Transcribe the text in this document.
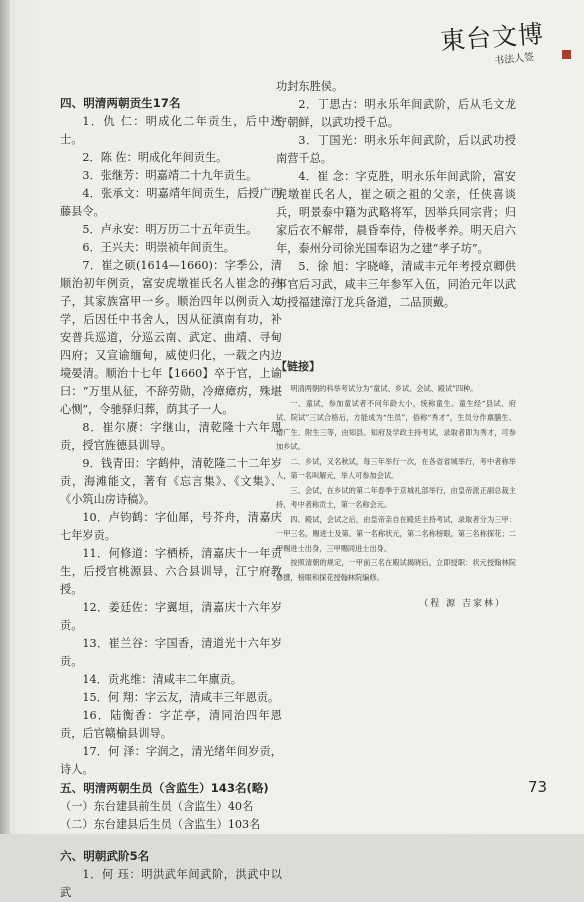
東台文博
书法人签

四、明清两朝贡生17名

1．仇 仁：明成化二年贡生，后中进士。

2．陈 佐：明成化年间贡生。

3．张继芳：明嘉靖二十九年贡生。

4．张承文：明嘉靖年间贡生，后授广西藤县令。

5．卢永安：明万历二十五年贡生。

6．王兴夫：明崇祯年间贡生。

7．崔之硕(1614—1660)：字季公，清顺治初年例贡，富安虎墩崔氏名人崔念的孙子，其家族富甲一乡。顺治四年以例贡入太学，后因任中书舍人，因从征滇南有功，补安普兵巡道，分巡云南、武定、曲靖、寻甸四府；又宣谕缅甸，威使归化，一载之内边境晏清。顺治十七年【1660】卒于官，上谕曰：“万里从征，不辞劳勋，冷瘴瘴疠，殊堪心恻”，令驰驿归葬，荫其子一人。

8．崔尔赓：字继山，清乾隆十六年恩贡，授官旌德县训导。

9．钱青田：字鹤仲，清乾隆二十二年岁贡，海滩能文，著有《忘言集》、《文集》、《小筑山房诗稿》。

10．卢钧鹤：字仙犀，号芥舟，清嘉庆七年岁贡。

11．何修道：字栖桥，清嘉庆十一年贡生，后授官桃源县、六合县训导，江宁府教授。

12．姜廷佐：字翼垣，清嘉庆十六年岁贡。

13．崔兰谷：字国香，清道光十六年岁贡。

14．贡兆维：清咸丰二年廪贡。

15．何 翔：字云友，清咸丰三年恩贡。

16．陆衡香：字芷亭，清同治四年恩贡，后官赣榆县训导。

17．何 泽：字润之，清光绪年间岁贡，诗人。

五、明清两朝生员（含监生）143名(略)

（一）东台建县前生员（含监生）40名

（二）东台建县后生员（含监生）103名

六、明朝武阶5名

1．何 珏：明洪武年间武阶，洪武中以武

功封东胜侯。

2．丁思古：明永乐年间武阶，后从毛文龙守朝鲜，以武功授千总。

3．丁国光：明永乐年间武阶，后以武功授南营千总。

4．崔 念：字克胜，明永乐年间武阶，富安虎墩崔氏名人，崔之硕之祖的父亲，任侠喜谈兵，明景泰中籍为武略将军，因举兵同宗背；归家后衣不解带，晨昏奉侍，侍极孝养。明天启六年，泰州分司徐光国奉诏为之建“孝子坊”。

5．徐 旭：字晓峰，清咸丰元年考授京卿供事官后习武，咸丰三年参军入伍，同治元年以武功授福建漳汀龙兵备道，二品顶戴。

【链接】

明清两朝的科举考试分为“童试、乡试、会试、殿试”四种。

一、童试，参加童试者不问年龄大小，统称童生。童生经“县试、府试、院试”三试合格后，方能成为“生员”，俗称“秀才”，生员分作禀膳生、增广生、附生三等，由知县、知府及学政主持考试，录取者即为秀才，可参加乡试。

二、乡试，又名秋试，每三年举行一次，在各省省城举行，考中者称举人，第一名叫解元，举人可参加会试。

三、会试，在乡试的第二年春季于京城礼部举行，由皇帝派正副总裁主持，考中者称贡士，第一名称会元。

四、殿试，会试之后，由皇帝亲自在殿廷主持考试，录取者分为三甲：一甲三名，赐进士及第，第一名称状元，第二名称榜眼，第三名称探花；二甲赐进士出身，三甲赐同进士出身。

按照清朝的规定，一甲前三名在殿试揭晓后，立即授职：状元授翰林院修撰，榜眼和探花授翰林院编修。

（程 源 吉家林）

73
